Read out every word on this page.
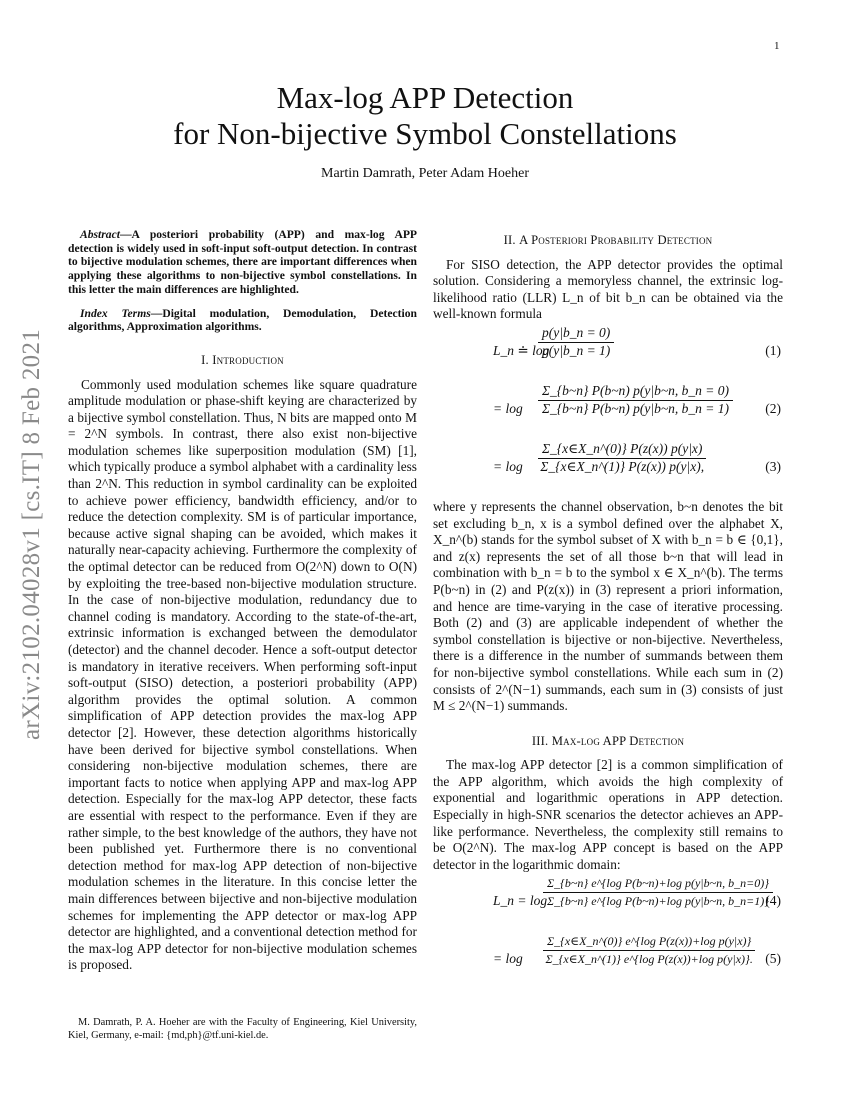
1
arXiv:2102.04028v1 [cs.IT] 8 Feb 2021
Max-log APP Detection
for Non-bijective Symbol Constellations
Martin Damrath, Peter Adam Hoeher

Abstract—A posteriori probability (APP) and max-log APP detection is widely used in soft-input soft-output detection. In contrast to bijective modulation schemes, there are important differences when applying these algorithms to non-bijective symbol constellations. In this letter the main differences are highlighted.

Index Terms—Digital modulation, Demodulation, Detection algorithms, Approximation algorithms.

I. Introduction

Commonly used modulation schemes like square quadrature amplitude modulation or phase-shift keying are characterized by a bijective symbol constellation. Thus, N bits are mapped onto M = 2^N symbols. In contrast, there also exist non-bijective modulation schemes like superposition modulation (SM) [1], which typically produce a symbol alphabet with a cardinality less than 2^N. This reduction in symbol cardinality can be exploited to achieve power efficiency, bandwidth efficiency, and/or to reduce the detection complexity. SM is of particular importance, because active signal shaping can be avoided, which makes it naturally near-capacity achieving. Furthermore the complexity of the optimal detector can be reduced from O(2^N) down to O(N) by exploiting the tree-based non-bijective modulation structure. In the case of non-bijective modulation, redundancy due to channel coding is mandatory. According to the state-of-the-art, extrinsic information is exchanged between the demodulator (detector) and the channel decoder. Hence a soft-output detector is mandatory in iterative receivers. When performing soft-input soft-output (SISO) detection, a posteriori probability (APP) algorithm provides the optimal solution. A common simplification of APP detection provides the max-log APP detector [2]. However, these detection algorithms historically have been derived for bijective symbol constellations. When considering non-bijective modulation schemes, there are important facts to notice when applying APP and max-log APP detection. Especially for the max-log APP detector, these facts are essential with respect to the performance. Even if they are rather simple, to the best knowledge of the authors, they have not been published yet. Furthermore there is no conventional detection method for max-log APP detection of non-bijective modulation schemes in the literature. In this concise letter the main differences between bijective and non-bijective modulation schemes for implementing the APP detector or max-log APP detector are highlighted, and a conventional detection method for the max-log APP detector for non-bijective modulation schemes is proposed.

M. Damrath, P. A. Hoeher are with the Faculty of Engineering, Kiel University, Kiel, Germany, e-mail: {md,ph}@tf.uni-kiel.de.
II. A Posteriori Probability Detection

For SISO detection, the APP detector provides the optimal solution. Considering a memoryless channel, the extrinsic log-likelihood ratio (LLR) L_n of bit b_n can be obtained via the well-known formula

L_n ≐ log
$\frac{p(y|b\_n = 0)}{p(y|b\_n = 1)}$	(1)
= $\log \frac{\Sigma\_\{b\sim n\} P(b\sim n) p(y|b\sim n, b\_n = 0)}{\Sigma\_\{b\sim n\} P(b\sim n) p(y|b\sim n, b\_n = 1)} (2)$
= $\log \frac{\Sigma\_\{x\in X\_n\^{}(0)\} P(z(x)) p(y|x)}{\Sigma\_\{x\in X\_n\^{}(1)\} P(z(x)) p(y|x),}$	(3)

where y represents the channel observation, b~n denotes the bit set excluding b_n, x is a symbol defined over the alphabet X, X_n^(b) stands for the symbol subset of X with b_n = b ∈ {0,1}, and z(x) represents the set of all those b~n that will lead in combination with b_n = b to the symbol x ∈ X_n^(b). The terms P(b~n) in (2) and P(z(x)) in (3) represent a priori information, and hence are time-varying in the case of iterative processing. Both (2) and (3) are applicable independent of whether the symbol constellation is bijective or non-bijective. Nevertheless, there is a difference in the number of summands between them for non-bijective symbol constellations. While each sum in (2) consists of 2^(N−1) summands, each sum in (3) consists of just M ≤ 2^(N−1) summands.

III. Max-log APP Detection

The max-log APP detector [2] is a common simplification of the APP algorithm, which avoids the high complexity of exponential and logarithmic operations in APP detection. Especially in high-SNR scenarios the detector achieves an APP-like performance. Nevertheless, the complexity still remains to be O(2^N). The max-log APP concept is based on the APP detector in the logarithmic domain:

L_n = log
$\frac{\text{Σ\_\{b\textasciitilde{}n\} e\textasciicircum{}\{log P(b\textasciitilde{}n)+log p(y|b\textasciitilde{}n, b\_n=0)\}}}{\text{Σ\_\{b\textasciitilde{}n\} e\textasciicircum{}\{log P(b\textasciitilde{}n)+log p(y|b\textasciitilde{}n, b\_n=1)\}}}$
(4)
= $\log \frac{\text{Σ\_\{x∈X\_n\textasciicircum{}(0)\} e\textasciicircum{}\{log P(z(x))+log p(y|x)\}}}{\text{Σ\_\{x∈X\_n\textasciicircum{}(1)\} e\textasciicircum{}\{log P(z(x))+log p(y|x)\}.}} (5)$
